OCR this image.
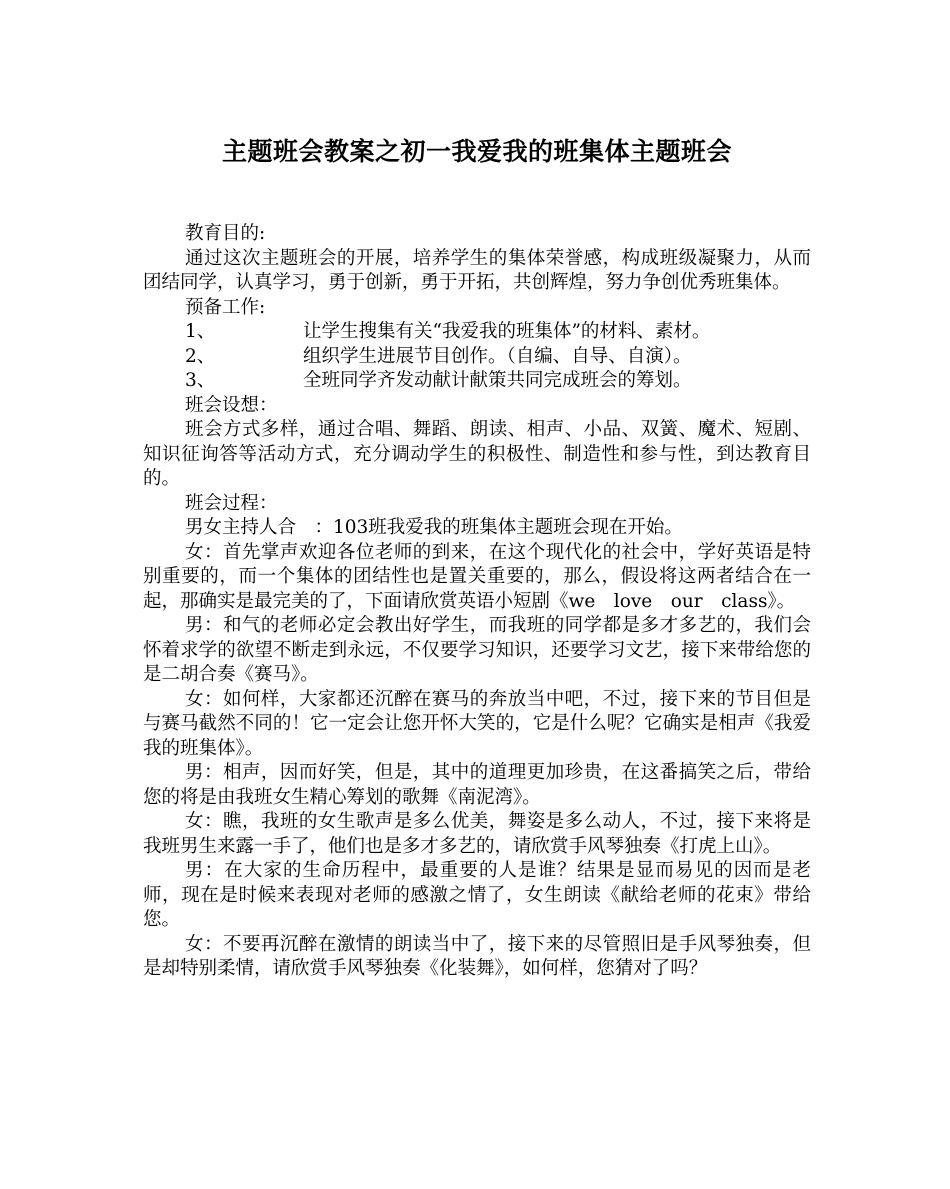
主题班会教案之初一我爱我的班集体主题班会

教育目的:

通过这次主题班会的开展，培养学生的集体荣誉感，构成班级凝聚力，从而团结同学，认真学习，勇于创新，勇于开拓，共创辉煌，努力争创优秀班集体。

预备工作:

1、	让学生搜集有关“我爱我的班集体”的材料、素材。
2、	组织学生进展节目创作。（自编、自导、自演）。
3、	全班同学齐发动献计献策共同完成班会的筹划。

班会设想：

班会方式多样，通过合唱、舞蹈、朗读、相声、小品、双簧、魔术、短剧、知识征询答等活动方式，充分调动学生的积极性、制造性和参与性，到达教育目的。

班会过程：

男女主持人合　：103班我爱我的班集体主题班会现在开始。

女：首先掌声欢迎各位老师的到来，在这个现代化的社会中，学好英语是特别重要的，而一个集体的团结性也是置关重要的，那么，假设将这两者结合在一起，那确实是最完美的了，下面请欣赏英语小短剧《we　love　our　class》。

男：和气的老师必定会教出好学生，而我班的同学都是多才多艺的，我们会怀着求学的欲望不断走到永远，不仅要学习知识，还要学习文艺，接下来带给您的是二胡合奏《赛马》。

女：如何样，大家都还沉醉在赛马的奔放当中吧，不过，接下来的节目但是与赛马截然不同的！它一定会让您开怀大笑的，它是什么呢？它确实是相声《我爱我的班集体》。

男：相声，因而好笑，但是，其中的道理更加珍贵，在这番搞笑之后，带给您的将是由我班女生精心筹划的歌舞《南泥湾》。

女：瞧，我班的女生歌声是多么优美，舞姿是多么动人，不过，接下来将是我班男生来露一手了，他们也是多才多艺的，请欣赏手风琴独奏《打虎上山》。

男：在大家的生命历程中，最重要的人是谁？结果是显而易见的因而是老师，现在是时候来表现对老师的感激之情了，女生朗读《献给老师的花束》带给您。

女：不要再沉醉在激情的朗读当中了，接下来的尽管照旧是手风琴独奏，但是却特别柔情，请欣赏手风琴独奏《化装舞》，如何样，您猜对了吗？
